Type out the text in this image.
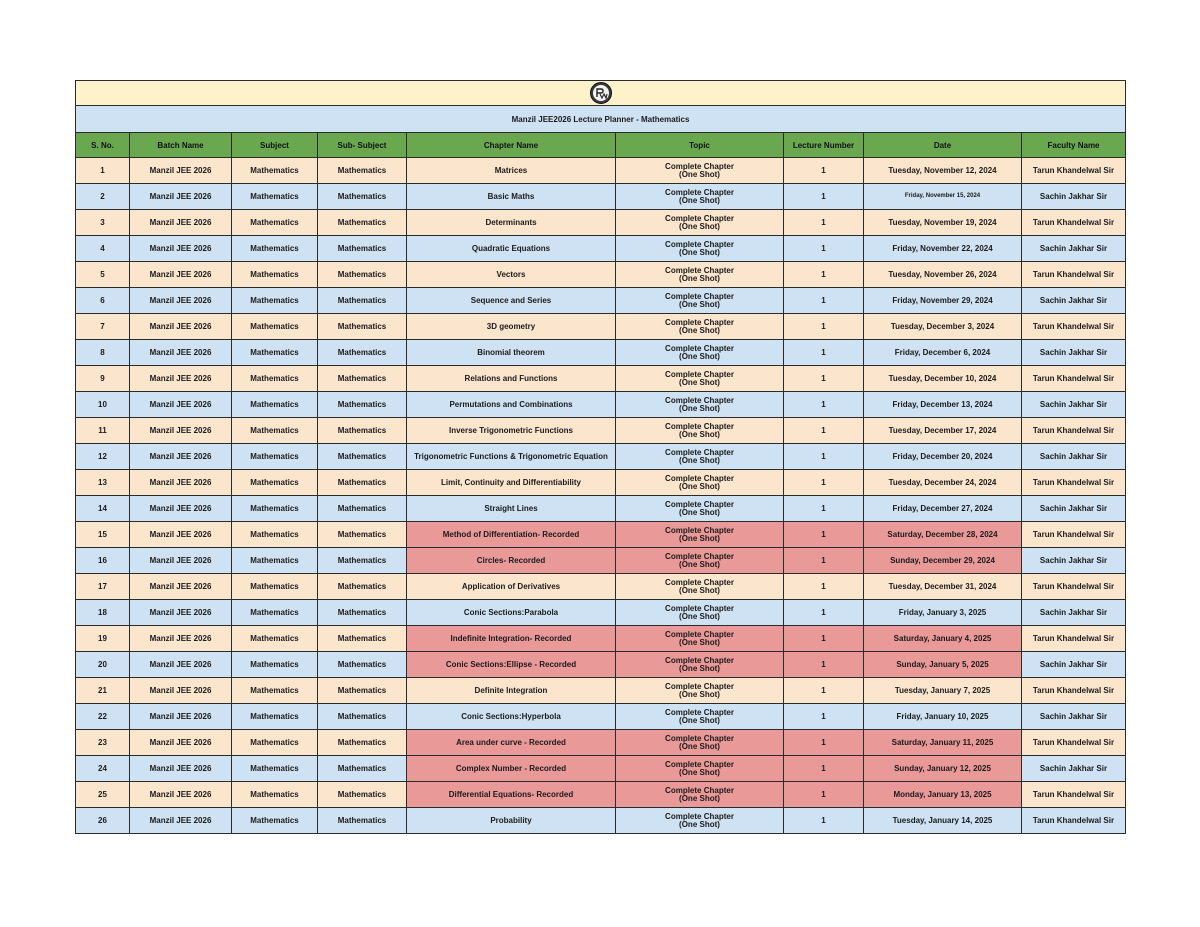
Manzil JEE2026 Lecture Planner - Mathematics								
S. No.	Batch Name	Subject	Sub- Subject	Chapter Name	Topic	Lecture Number	Date	Faculty Name
1	Manzil JEE 2026	Mathematics	Mathematics	Matrices	Complete Chapter
(One Shot)	1	Tuesday, November 12, 2024	Tarun Khandelwal Sir
2	Manzil JEE 2026	Mathematics	Mathematics	Basic Maths	Complete Chapter
(One Shot)	1	Friday, November 15, 2024	Sachin Jakhar Sir
3	Manzil JEE 2026	Mathematics	Mathematics	Determinants	Complete Chapter
(One Shot)	1	Tuesday, November 19, 2024	Tarun Khandelwal Sir
4	Manzil JEE 2026	Mathematics	Mathematics	Quadratic Equations	Complete Chapter
(One Shot)	1	Friday, November 22, 2024	Sachin Jakhar Sir
5	Manzil JEE 2026	Mathematics	Mathematics	Vectors	Complete Chapter
(One Shot)	1	Tuesday, November 26, 2024	Tarun Khandelwal Sir
6	Manzil JEE 2026	Mathematics	Mathematics	Sequence and Series	Complete Chapter
(One Shot)	1	Friday, November 29, 2024	Sachin Jakhar Sir
7	Manzil JEE 2026	Mathematics	Mathematics	3D geometry	Complete Chapter
(One Shot)	1	Tuesday, December 3, 2024	Tarun Khandelwal Sir
8	Manzil JEE 2026	Mathematics	Mathematics	Binomial theorem	Complete Chapter
(One Shot)	1	Friday, December 6, 2024	Sachin Jakhar Sir
9	Manzil JEE 2026	Mathematics	Mathematics	Relations and Functions	Complete Chapter
(One Shot)	1	Tuesday, December 10, 2024	Tarun Khandelwal Sir
10	Manzil JEE 2026	Mathematics	Mathematics	Permutations and Combinations	Complete Chapter
(One Shot)	1	Friday, December 13, 2024	Sachin Jakhar Sir
11	Manzil JEE 2026	Mathematics	Mathematics	Inverse Trigonometric Functions	Complete Chapter
(One Shot)	1	Tuesday, December 17, 2024	Tarun Khandelwal Sir
12	Manzil JEE 2026	Mathematics	Mathematics	Trigonometric Functions & Trigonometric Equation	Complete Chapter
(One Shot)	1	Friday, December 20, 2024	Sachin Jakhar Sir
13	Manzil JEE 2026	Mathematics	Mathematics	Limit, Continuity and Differentiability	Complete Chapter
(One Shot)	1	Tuesday, December 24, 2024	Tarun Khandelwal Sir
14	Manzil JEE 2026	Mathematics	Mathematics	Straight Lines	Complete Chapter
(One Shot)	1	Friday, December 27, 2024	Sachin Jakhar Sir
15	Manzil JEE 2026	Mathematics	Mathematics	Method of Differentiation- Recorded	Complete Chapter
(One Shot)	1	Saturday, December 28, 2024	Tarun Khandelwal Sir
16	Manzil JEE 2026	Mathematics	Mathematics	Circles- Recorded	Complete Chapter
(One Shot)	1	Sunday, December 29, 2024	Sachin Jakhar Sir
17	Manzil JEE 2026	Mathematics	Mathematics	Application of Derivatives	Complete Chapter
(One Shot)	1	Tuesday, December 31, 2024	Tarun Khandelwal Sir
18	Manzil JEE 2026	Mathematics	Mathematics	Conic Sections:Parabola	Complete Chapter
(One Shot)	1	Friday, January 3, 2025	Sachin Jakhar Sir
19	Manzil JEE 2026	Mathematics	Mathematics	Indefinite Integration- Recorded	Complete Chapter
(One Shot)	1	Saturday, January 4, 2025	Tarun Khandelwal Sir
20	Manzil JEE 2026	Mathematics	Mathematics	Conic Sections:Ellipse - Recorded	Complete Chapter
(One Shot)	1	Sunday, January 5, 2025	Sachin Jakhar Sir
21	Manzil JEE 2026	Mathematics	Mathematics	Definite Integration	Complete Chapter
(One Shot)	1	Tuesday, January 7, 2025	Tarun Khandelwal Sir
22	Manzil JEE 2026	Mathematics	Mathematics	Conic Sections:Hyperbola	Complete Chapter
(One Shot)	1	Friday, January 10, 2025	Sachin Jakhar Sir
23	Manzil JEE 2026	Mathematics	Mathematics	Area under curve - Recorded	Complete Chapter
(One Shot)	1	Saturday, January 11, 2025	Tarun Khandelwal Sir
24	Manzil JEE 2026	Mathematics	Mathematics	Complex Number - Recorded	Complete Chapter
(One Shot)	1	Sunday, January 12, 2025	Sachin Jakhar Sir
25	Manzil JEE 2026	Mathematics	Mathematics	Differential Equations- Recorded	Complete Chapter
(One Shot)	1	Monday, January 13, 2025	Tarun Khandelwal Sir
26	Manzil JEE 2026	Mathematics	Mathematics	Probability	Complete Chapter
(One Shot)	1	Tuesday, January 14, 2025	Tarun Khandelwal Sir
